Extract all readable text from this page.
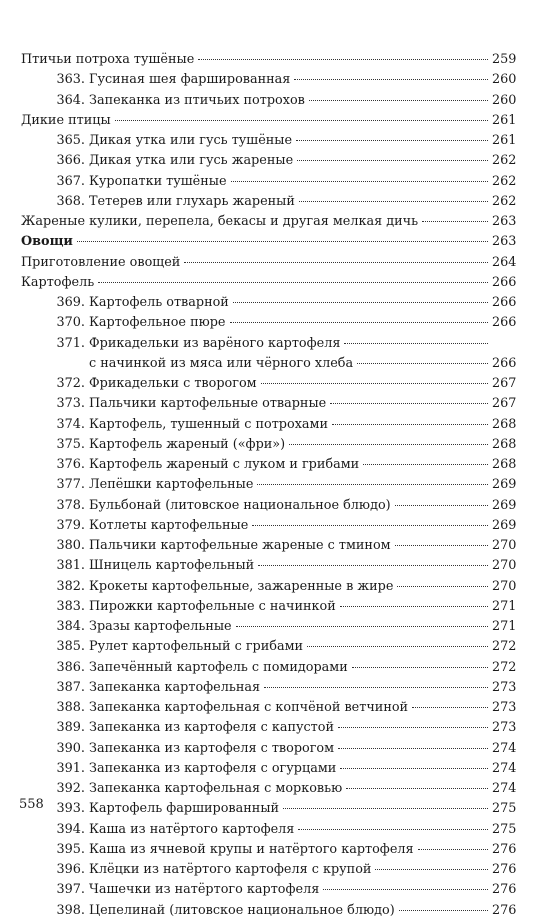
Птичьи потроха тушёные	259
363. Гусиная шея фаршированная	260
364. Запеканка из птичьих потрохов	260
Дикие птицы	261
365. Дикая утка или гусь тушёные	261
366. Дикая утка или гусь жареные	262
367. Куропатки тушёные	262
368. Тетерев или глухарь жареный	262
Жареные кулики, перепела, бекасы и другая мелкая дичь	263
Овощи	263
Приготовление овощей	264
Картофель	266
369. Картофель отварной	266
370. Картофельное пюре	266
371. Фрикадельки из варёного картофеля
с начинкой из мяса или чёрного хлеба	266
372. Фрикадельки с творогом	267
373. Пальчики картофельные отварные	267
374. Картофель, тушенный с потрохами	268
375. Картофель жареный («фри»)	268
376. Картофель жареный с луком и грибами	268
377. Лепёшки картофельные	269
378. Бульбонай (литовское национальное блюдо)	269
379. Котлеты картофельные	269
380. Пальчики картофельные жареные с тмином	270
381. Шницель картофельный	270
382. Крокеты картофельные, зажаренные в жире	270
383. Пирожки картофельные с начинкой	271
384. Зразы картофельные	271
385. Рулет картофельный с грибами	272
386. Запечённый картофель с помидорами	272
387. Запеканка картофельная	273
388. Запеканка картофельная с копчёной ветчиной	273
389. Запеканка из картофеля с капустой	273
390. Запеканка из картофеля с творогом	274
391. Запеканка из картофеля с огурцами	274
392. Запеканка картофельная с морковью	274
393. Картофель фаршированный	275
394. Каша из натёртого картофеля	275
395. Каша из ячневой крупы и натёртого картофеля	276
396. Клёцки из натёртого картофеля с крупой	276
397. Чашечки из натёртого картофеля	276
398. Цепелинай (литовское национальное блюдо)	276
558
